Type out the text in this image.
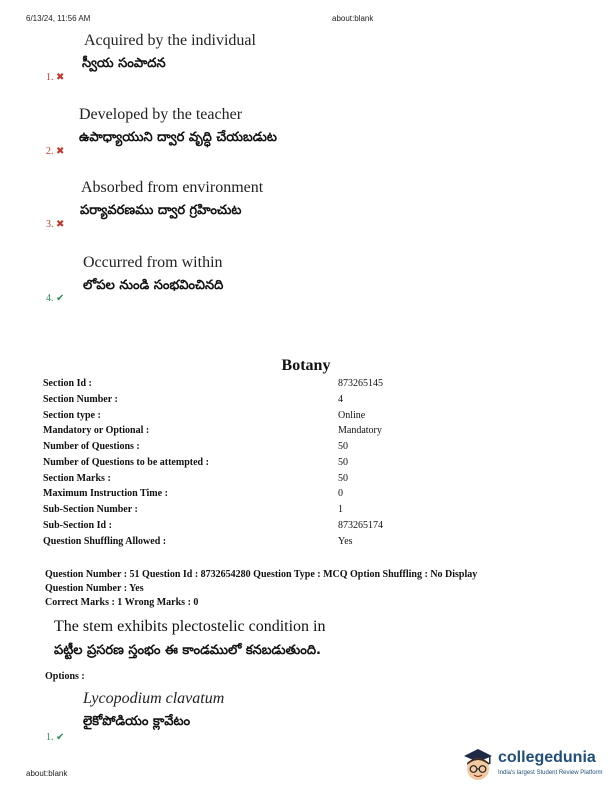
6/13/24, 11:56 AM	about:blank
Acquired by the individual
స్వీయ సంపాదన
1. ✖
Developed by the teacher
ఉపాధ్యాయుని ద్వార వృద్ధి చేయబడుట
2. ✖
Absorbed from environment
పర్యావరణము ద్వార గ్రహించుట
3. ✖
Occurred from within
లోపల నుండి సంభవించినది
4. ✔
Botany
Section Id :	873265145
Section Number :	4
Section type :	Online
Mandatory or Optional :	Mandatory
Number of Questions :	50
Number of Questions to be attempted :	50
Section Marks :	50
Maximum Instruction Time :	0
Sub-Section Number :	1
Sub-Section Id :	873265174
Question Shuffling Allowed :	Yes
Question Number : 51 Question Id : 8732654280 Question Type : MCQ Option Shuffling : No Display
Question Number : Yes
Correct Marks : 1 Wrong Marks : 0
The stem exhibits plectostelic condition in
పట్టీల ప్రసరణ స్తంభం ఈ కాండములో కనబడుతుంది.
Options :
Lycopodium clavatum
లైకోపోడియం క్లావేటం
1. ✔
about:blank
collegedunia
India's largest Student Review Platform
